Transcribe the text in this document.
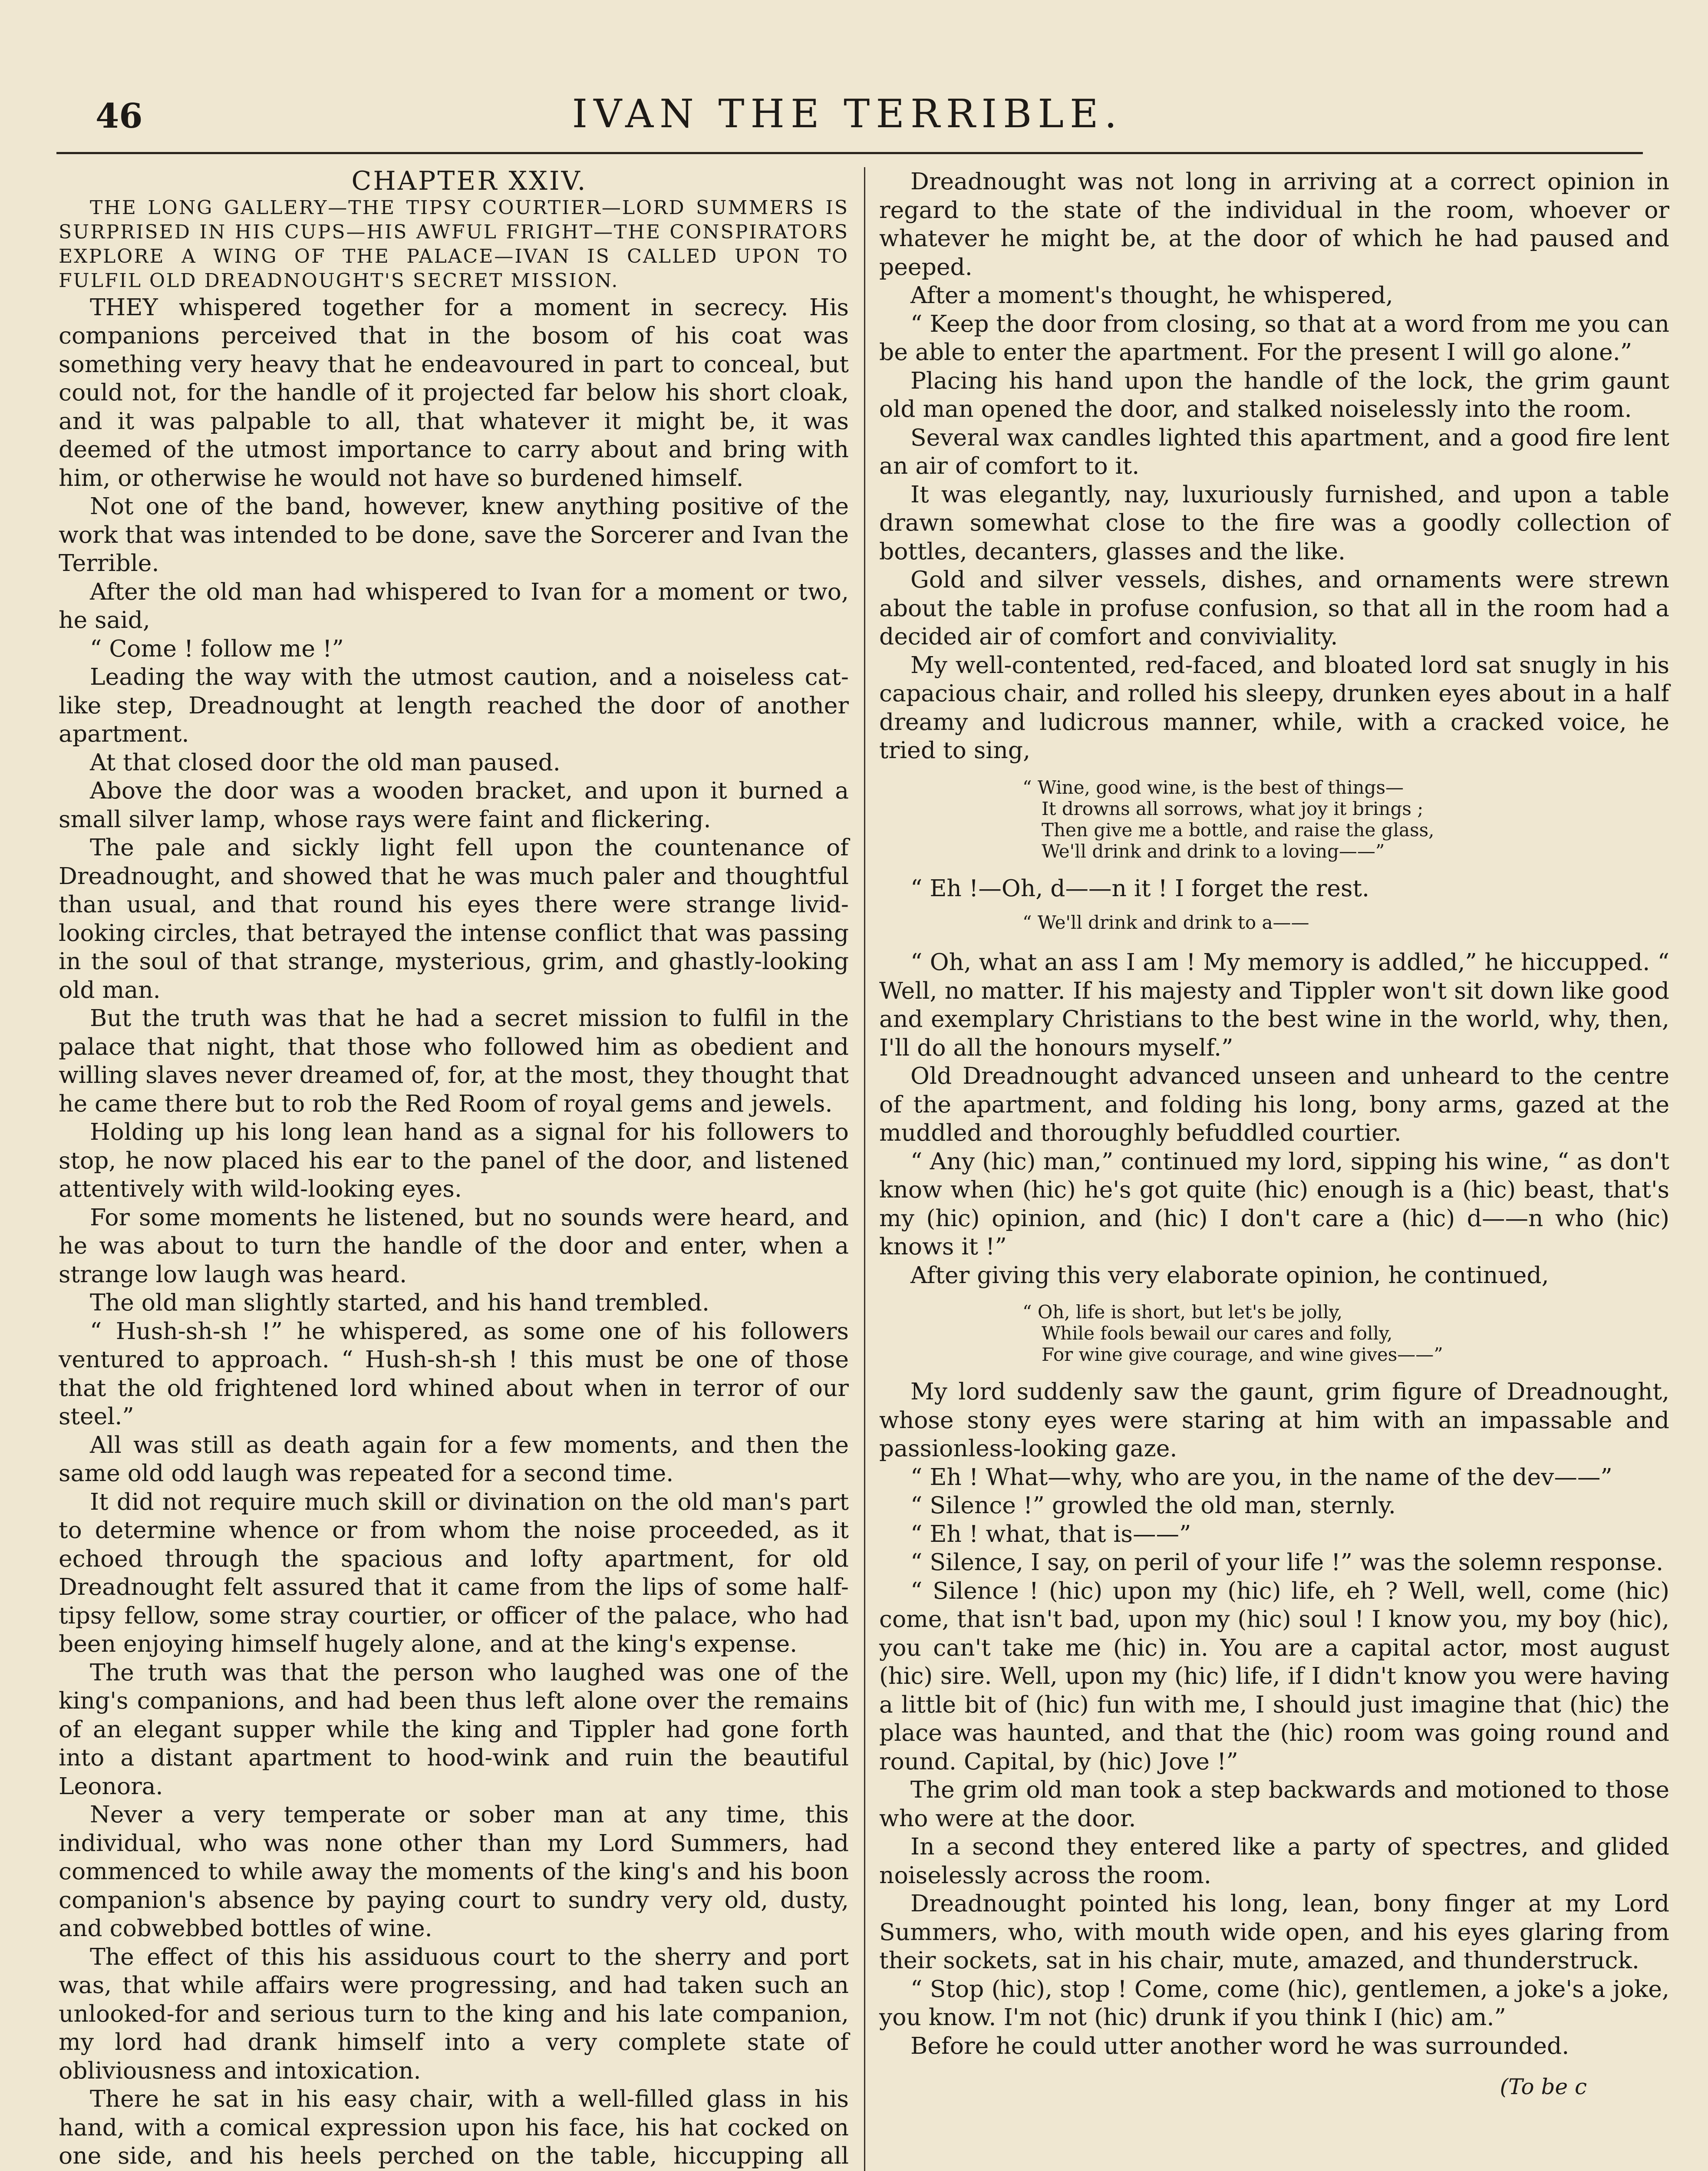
46	IVAN THE TERRIBLE.

CHAPTER XXIV.

THE LONG GALLERY—THE TIPSY COURTIER—LORD SUMMERS IS SURPRISED IN HIS CUPS—HIS AWFUL FRIGHT—THE CONSPIRATORS EXPLORE A WING OF THE PALACE—IVAN IS CALLED UPON TO FULFIL OLD DREADNOUGHT'S SECRET MISSION.

THEY whispered together for a moment in secrecy. His companions perceived that in the bosom of his coat was something very heavy that he endeavoured in part to conceal, but could not, for the handle of it projected far below his short cloak, and it was palpable to all, that whatever it might be, it was deemed of the utmost importance to carry about and bring with him, or otherwise he would not have so burdened himself.

Not one of the band, however, knew anything positive of the work that was intended to be done, save the Sorcerer and Ivan the Terrible.

After the old man had whispered to Ivan for a moment or two, he said,

“ Come ! follow me !”

Leading the way with the utmost caution, and a noiseless cat-like step, Dreadnought at length reached the door of another apartment.

At that closed door the old man paused.

Above the door was a wooden bracket, and upon it burned a small silver lamp, whose rays were faint and flickering.

The pale and sickly light fell upon the countenance of Dreadnought, and showed that he was much paler and thoughtful than usual, and that round his eyes there were strange livid-looking circles, that betrayed the intense conflict that was passing in the soul of that strange, mysterious, grim, and ghastly-looking old man.

But the truth was that he had a secret mission to fulfil in the palace that night, that those who followed him as obedient and willing slaves never dreamed of, for, at the most, they thought that he came there but to rob the Red Room of royal gems and jewels.

Holding up his long lean hand as a signal for his followers to stop, he now placed his ear to the panel of the door, and listened attentively with wild-looking eyes.

For some moments he listened, but no sounds were heard, and he was about to turn the handle of the door and enter, when a strange low laugh was heard.

The old man slightly started, and his hand trembled.

“ Hush-sh-sh !” he whispered, as some one of his followers ventured to approach. “ Hush-sh-sh ! this must be one of those that the old frightened lord whined about when in terror of our steel.”

All was still as death again for a few moments, and then the same old odd laugh was repeated for a second time.

It did not require much skill or divination on the old man's part to determine whence or from whom the noise proceeded, as it echoed through the spacious and lofty apartment, for old Dreadnought felt assured that it came from the lips of some half-tipsy fellow, some stray courtier, or officer of the palace, who had been enjoying himself hugely alone, and at the king's expense.

The truth was that the person who laughed was one of the king's companions, and had been thus left alone over the remains of an elegant supper while the king and Tippler had gone forth into a distant apartment to hood-wink and ruin the beautiful Leonora.

Never a very temperate or sober man at any time, this individual, who was none other than my Lord Summers, had commenced to while away the moments of the king's and his boon companion's absence by paying court to sundry very old, dusty, and cobwebbed bottles of wine.

The effect of this his assiduous court to the sherry and port was, that while affairs were progressing, and had taken such an unlooked-for and serious turn to the king and his late companion, my lord had drank himself into a very complete state of obliviousness and intoxication.

There he sat in his easy chair, with a well-filled glass in his hand, with a comical expression upon his face, his hat cocked on one side, and his heels perched on the table, hiccupping all

Dreadnought was not long in arriving at a correct opinion in regard to the state of the individual in the room, whoever or whatever he might be, at the door of which he had paused and peeped.

After a moment's thought, he whispered,

“ Keep the door from closing, so that at a word from me you can be able to enter the apartment. For the present I will go alone.”

Placing his hand upon the handle of the lock, the grim gaunt old man opened the door, and stalked noiselessly into the room.

Several wax candles lighted this apartment, and a good fire lent an air of comfort to it.

It was elegantly, nay, luxuriously furnished, and upon a table drawn somewhat close to the fire was a goodly collection of bottles, decanters, glasses and the like.

Gold and silver vessels, dishes, and ornaments were strewn about the table in profuse confusion, so that all in the room had a decided air of comfort and conviviality.

My well-contented, red-faced, and bloated lord sat snugly in his capacious chair, and rolled his sleepy, drunken eyes about in a half dreamy and ludicrous manner, while, with a cracked voice, he tried to sing,

“ Wine, good wine, is the best of things—
It drowns all sorrows, what joy it brings ;
Then give me a bottle, and raise the glass,
We'll drink and drink to a loving——”

“ Eh !—Oh, d——n it ! I forget the rest.

“ We'll drink and drink to a——

“ Oh, what an ass I am ! My memory is addled,” he hiccupped. “ Well, no matter. If his majesty and Tippler won't sit down like good and exemplary Christians to the best wine in the world, why, then, I'll do all the honours myself.”

Old Dreadnought advanced unseen and unheard to the centre of the apartment, and folding his long, bony arms, gazed at the muddled and thoroughly befuddled courtier.

“ Any (hic) man,” continued my lord, sipping his wine, “ as don't know when (hic) he's got quite (hic) enough is a (hic) beast, that's my (hic) opinion, and (hic) I don't care a (hic) d——n who (hic) knows it !”

After giving this very elaborate opinion, he continued,

“ Oh, life is short, but let's be jolly,
While fools bewail our cares and folly,
For wine give courage, and wine gives——”

My lord suddenly saw the gaunt, grim figure of Dreadnought, whose stony eyes were staring at him with an impassable and passionless-looking gaze.

“ Eh ! What—why, who are you, in the name of the dev——”

“ Silence !” growled the old man, sternly.

“ Eh ! what, that is——”

“ Silence, I say, on peril of your life !” was the solemn response.

“ Silence ! (hic) upon my (hic) life, eh ? Well, well, come (hic) come, that isn't bad, upon my (hic) soul ! I know you, my boy (hic), you can't take me (hic) in. You are a capital actor, most august (hic) sire. Well, upon my (hic) life, if I didn't know you were having a little bit of (hic) fun with me, I should just imagine that (hic) the place was haunted, and that the (hic) room was going round and round. Capital, by (hic) Jove !”

The grim old man took a step backwards and motioned to those who were at the door.

In a second they entered like a party of spectres, and glided noiselessly across the room.

Dreadnought pointed his long, lean, bony finger at my Lord Summers, who, with mouth wide open, and his eyes glaring from their sockets, sat in his chair, mute, amazed, and thunderstruck.

“ Stop (hic), stop ! Come, come (hic), gentlemen, a joke's a joke, you know. I'm not (hic) drunk if you think I (hic) am.”

Before he could utter another word he was surrounded.

(To be c
